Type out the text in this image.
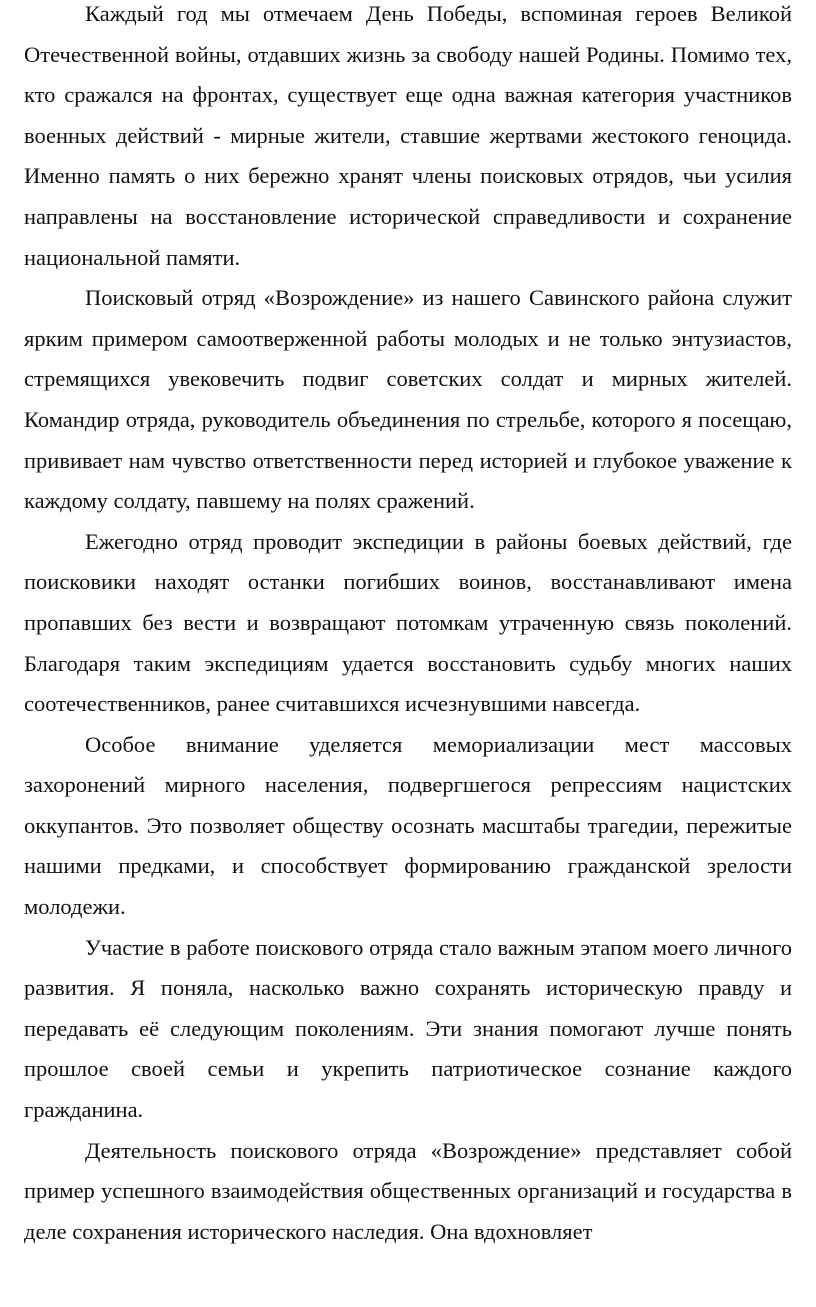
Каждый год мы отмечаем День Победы, вспоминая героев Великой Отечественной войны, отдавших жизнь за свободу нашей Родины. Помимо тех, кто сражался на фронтах, существует еще одна важная категория участников военных действий - мирные жители, ставшие жертвами жестокого геноцида. Именно память о них бережно хранят члены поисковых отрядов, чьи усилия направлены на восстановление исторической справедливости и сохранение национальной памяти.

Поисковый отряд «Возрождение» из нашего Савинского района служит ярким примером самоотверженной работы молодых и не только энтузиастов, стремящихся увековечить подвиг советских солдат и мирных жителей. Командир отряда, руководитель объединения по стрельбе, которого я посещаю, прививает нам чувство ответственности перед историей и глубокое уважение к каждому солдату, павшему на полях сражений.

Ежегодно отряд проводит экспедиции в районы боевых действий, где поисковики находят останки погибших воинов, восстанавливают имена пропавших без вести и возвращают потомкам утраченную связь поколений. Благодаря таким экспедициям удается восстановить судьбу многих наших соотечественников, ранее считавшихся исчезнувшими навсегда.

Особое внимание уделяется мемориализации мест массовых захоронений мирного населения, подвергшегося репрессиям нацистских оккупантов. Это позволяет обществу осознать масштабы трагедии, пережитые нашими предками, и способствует формированию гражданской зрелости молодежи.

Участие в работе поискового отряда стало важным этапом моего личного развития. Я поняла, насколько важно сохранять историческую правду и передавать её следующим поколениям. Эти знания помогают лучше понять прошлое своей семьи и укрепить патриотическое сознание каждого гражданина.

Деятельность поискового отряда «Возрождение» представляет собой пример успешного взаимодействия общественных организаций и государства в деле сохранения исторического наследия. Она вдохновляет
